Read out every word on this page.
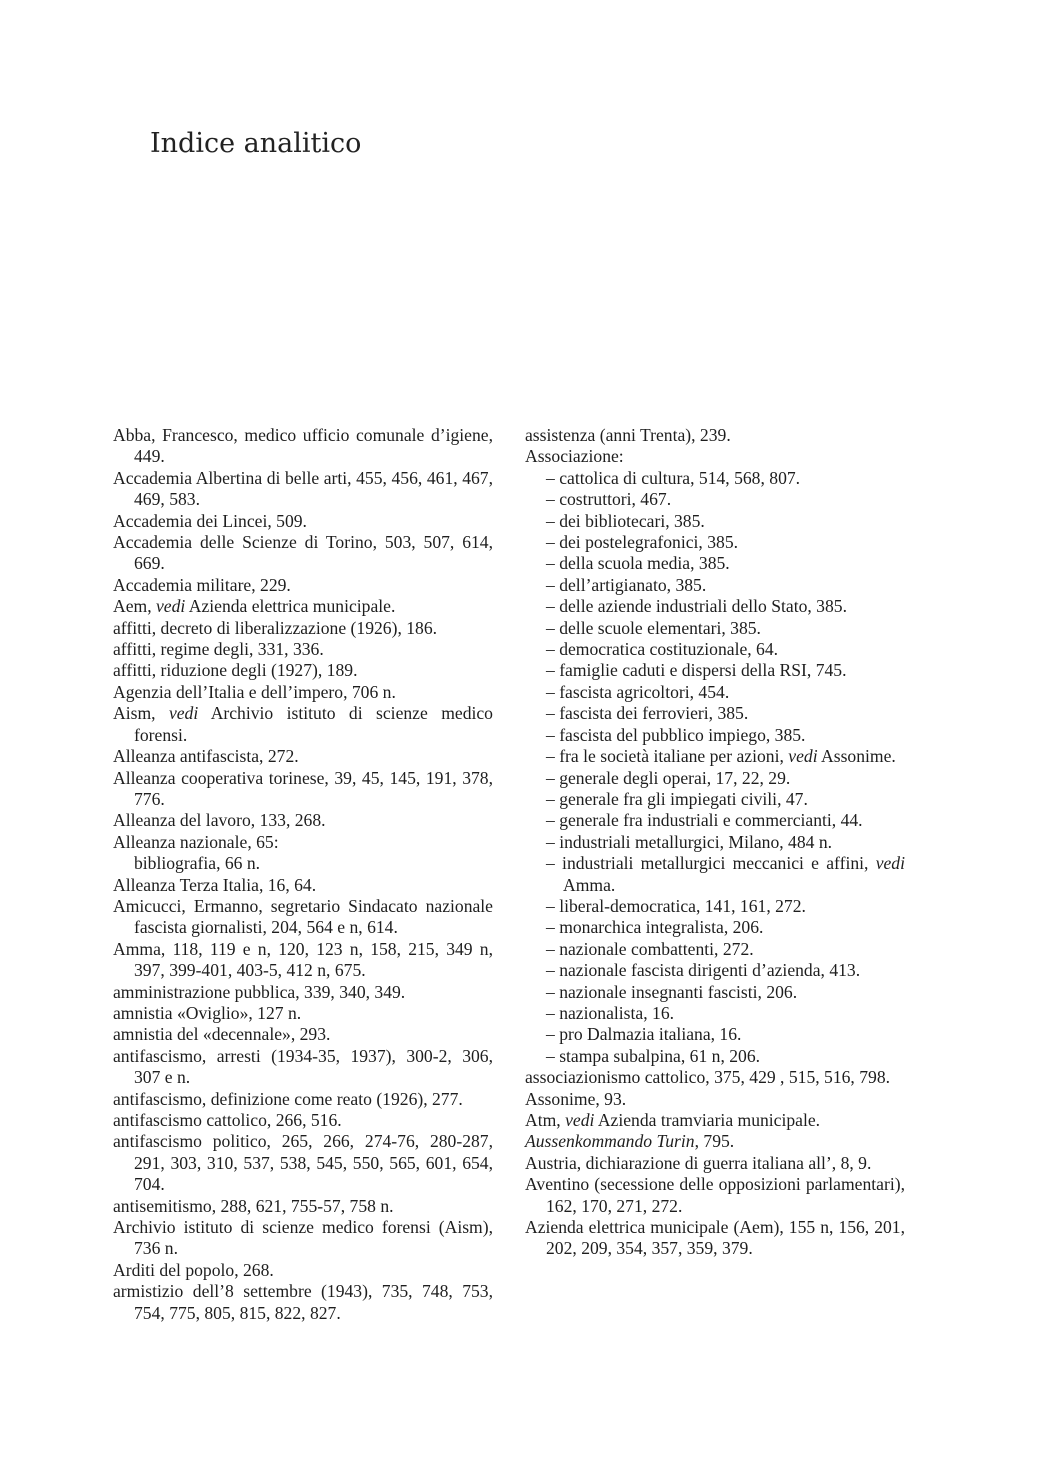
Indice analitico
Abba, Francesco, medico ufficio comunale d’igiene, 449.
Accademia Albertina di belle arti, 455, 456, 461, 467, 469, 583.
Accademia dei Lincei, 509.
Accademia delle Scienze di Torino, 503, 507, 614, 669.
Accademia militare, 229.
Aem, vedi Azienda elettrica municipale.
affitti, decreto di liberalizzazione (1926), 186.
affitti, regime degli, 331, 336.
affitti, riduzione degli (1927), 189.
Agenzia dell’Italia e dell’impero, 706 n.
Aism, vedi Archivio istituto di scienze medico forensi.
Alleanza antifascista, 272.
Alleanza cooperativa torinese, 39, 45, 145, 191, 378, 776.
Alleanza del lavoro, 133, 268.
Alleanza nazionale, 65:
bibliografia, 66 n.
Alleanza Terza Italia, 16, 64.
Amicucci, Ermanno, segretario Sindacato nazionale fascista giornalisti, 204, 564 e n, 614.
Amma, 118, 119 e n, 120, 123 n, 158, 215, 349 n, 397, 399-401, 403-5, 412 n, 675.
amministrazione pubblica, 339, 340, 349.
amnistia «Oviglio», 127 n.
amnistia del «decennale», 293.
antifascismo, arresti (1934-35, 1937), 300-2, 306, 307 e n.
antifascismo, definizione come reato (1926), 277.
antifascismo cattolico, 266, 516.
antifascismo politico, 265, 266, 274-76, 280-287, 291, 303, 310, 537, 538, 545, 550, 565, 601, 654, 704.
antisemitismo, 288, 621, 755-57, 758 n.
Archivio istituto di scienze medico forensi (Aism), 736 n.
Arditi del popolo, 268.
armistizio dell’8 settembre (1943), 735, 748, 753, 754, 775, 805, 815, 822, 827.
assistenza (anni Trenta), 239.
Associazione:
– cattolica di cultura, 514, 568, 807.
– costruttori, 467.
– dei bibliotecari, 385.
– dei postelegrafonici, 385.
– della scuola media, 385.
– dell’artigianato, 385.
– delle aziende industriali dello Stato, 385.
– delle scuole elementari, 385.
– democratica costituzionale, 64.
– famiglie caduti e dispersi della RSI, 745.
– fascista agricoltori, 454.
– fascista dei ferrovieri, 385.
– fascista del pubblico impiego, 385.
– fra le società italiane per azioni, vedi Assonime.
– generale degli operai, 17, 22, 29.
– generale fra gli impiegati civili, 47.
– generale fra industriali e commercianti, 44.
– industriali metallurgici, Milano, 484 n.
– industriali metallurgici meccanici e affini, vedi Amma.
– liberal-democratica, 141, 161, 272.
– monarchica integralista, 206.
– nazionale combattenti, 272.
– nazionale fascista dirigenti d’azienda, 413.
– nazionale insegnanti fascisti, 206.
– nazionalista, 16.
– pro Dalmazia italiana, 16.
– stampa subalpina, 61 n, 206.
associazionismo cattolico, 375, 429 , 515, 516, 798.
Assonime, 93.
Atm, vedi Azienda tramviaria municipale.
Aussenkommando Turin, 795.
Austria, dichiarazione di guerra italiana all’, 8, 9.
Aventino (secessione delle opposizioni parlamentari), 162, 170, 271, 272.
Azienda elettrica municipale (Aem), 155 n, 156, 201, 202, 209, 354, 357, 359, 379.
